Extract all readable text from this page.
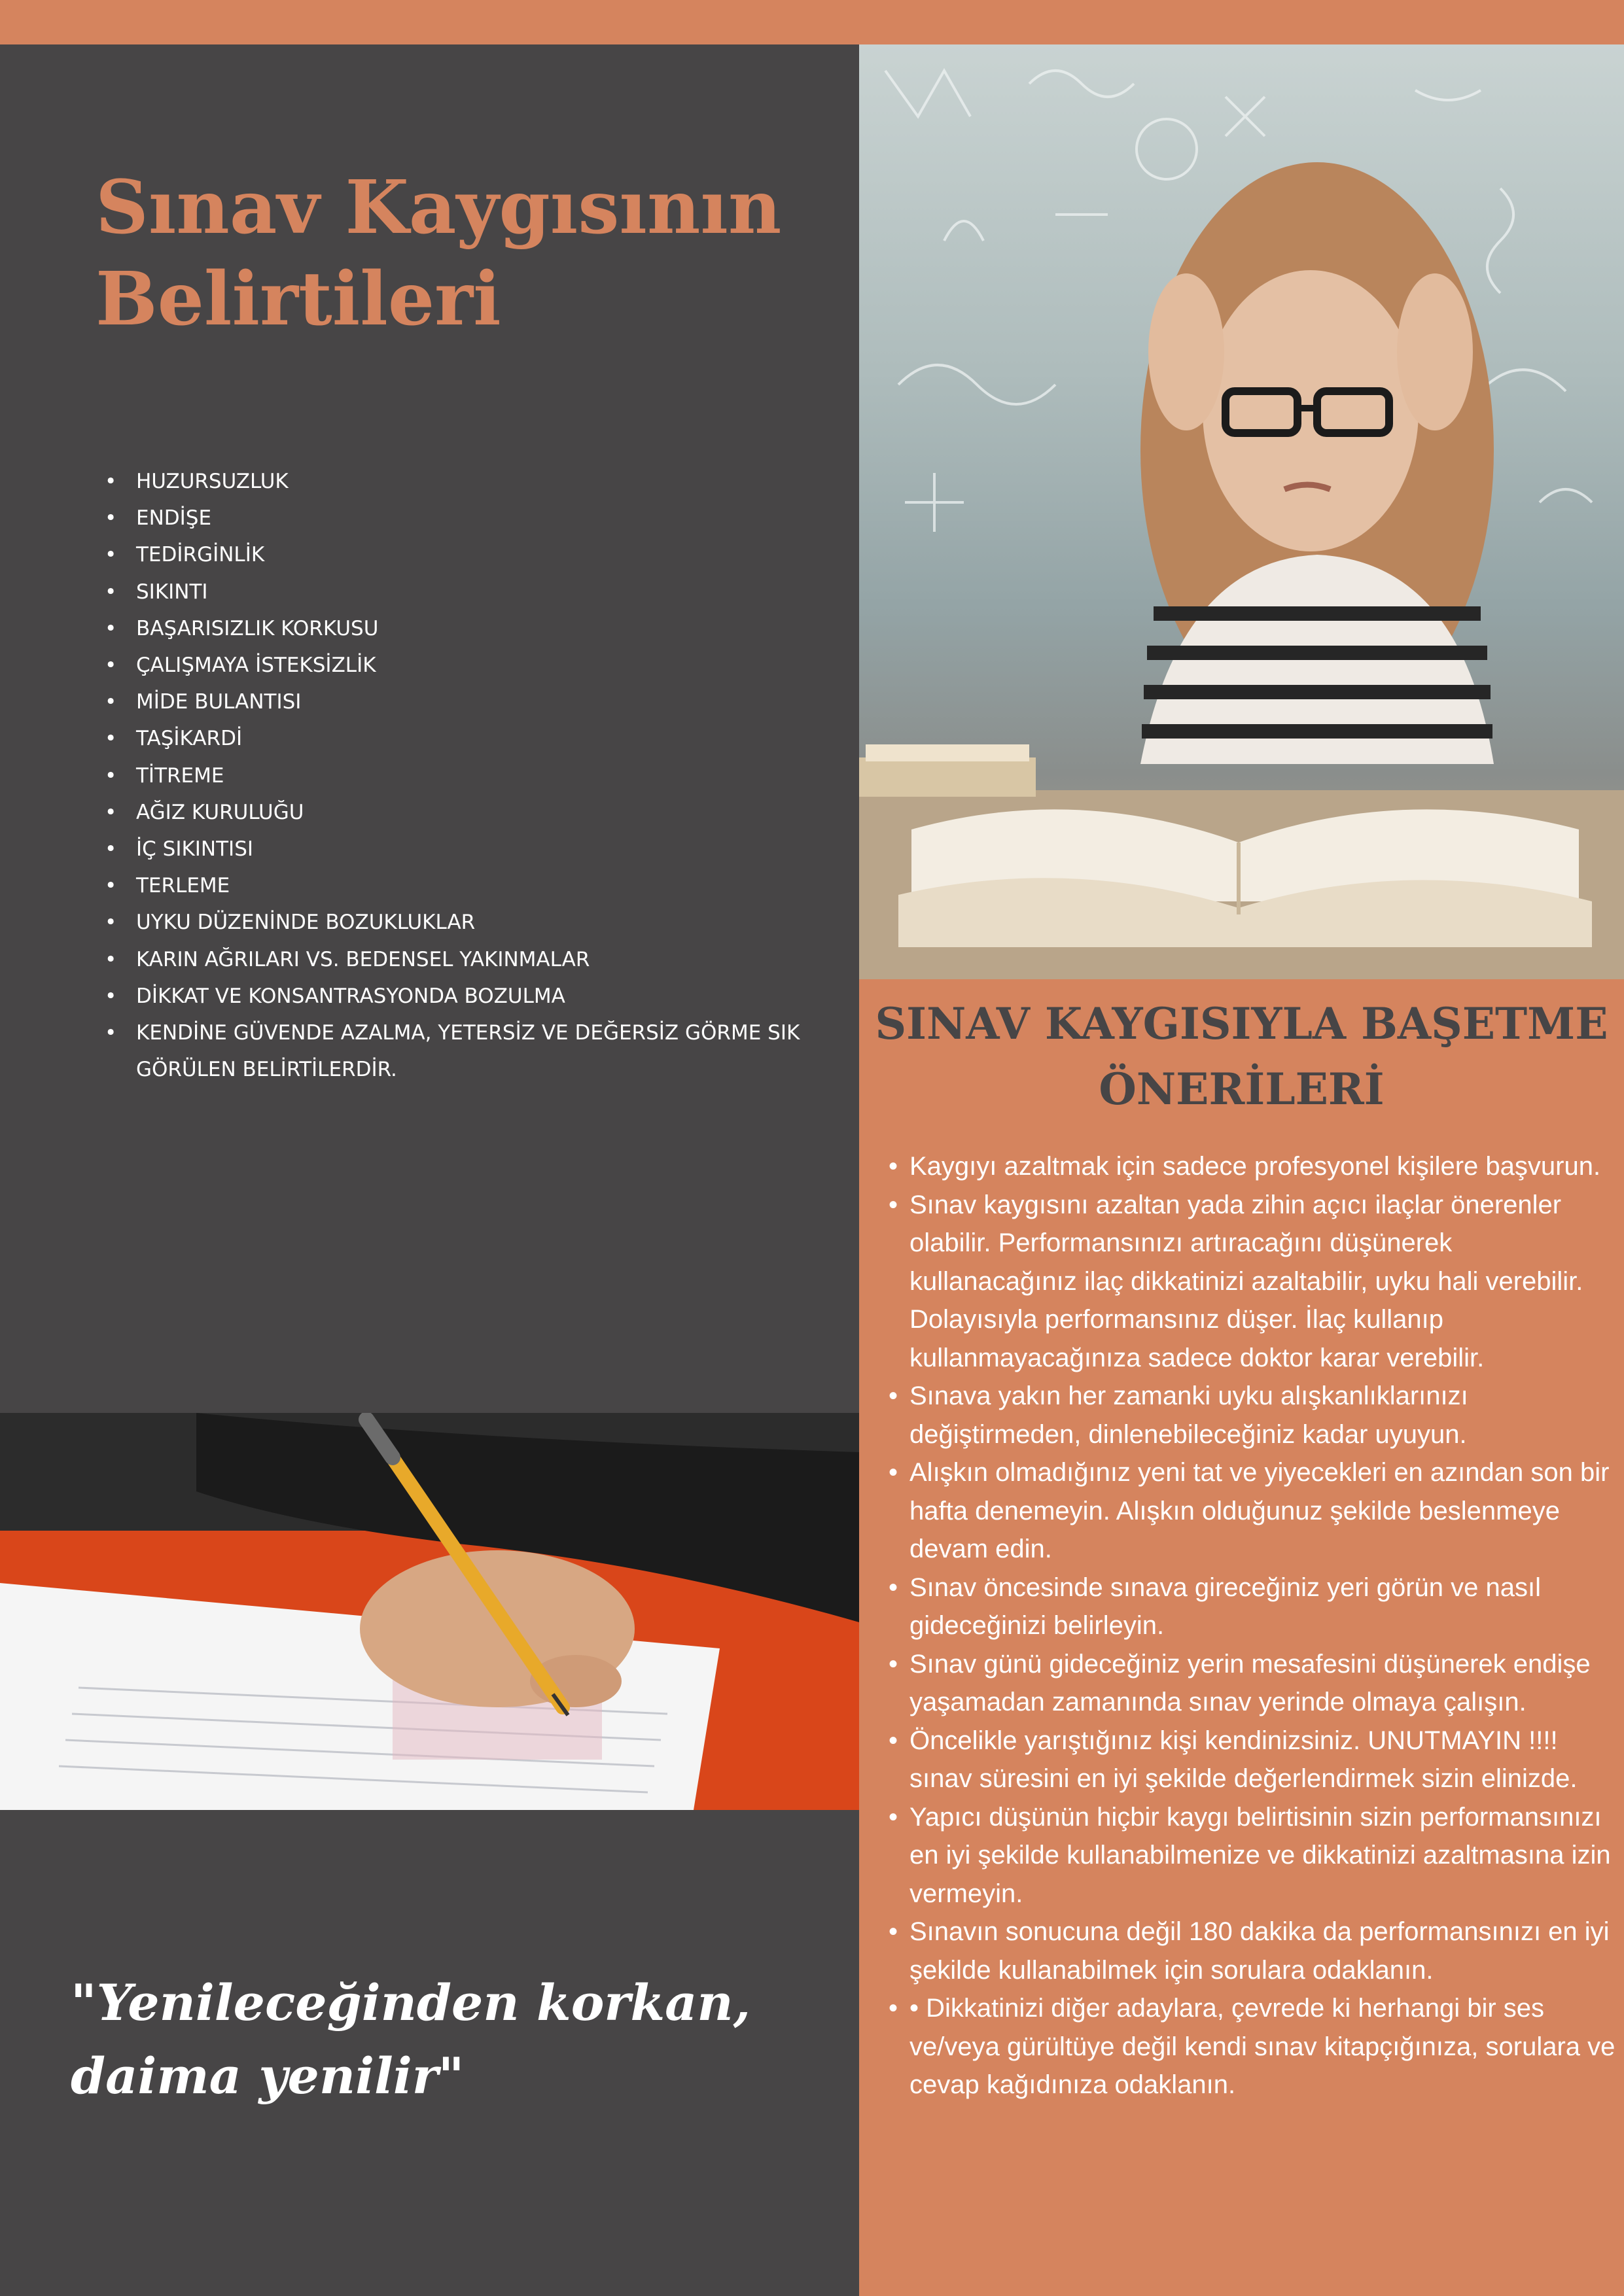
Sınav Kaygısının Belirtileri
• HUZURSUZLUK
• ENDİŞE
• TEDİRGİNLİK
• SIKINTI
• BAŞARISIZLIK KORKUSU
• ÇALIŞMAYA İSTEKSİZLİK
• MİDE BULANTISI
• TAŞİKARDİ
• TİTREME
• AĞIZ KURULUĞU
• İÇ SIKINTISI
• TERLEME
• UYKU DÜZENİNDE BOZUKLUKLAR
• KARIN AĞRILARI VS. BEDENSEL YAKINMALAR
• DİKKAT VE KONSANTRASYONDA BOZULMA
• KENDİNE GÜVENDE AZALMA, YETERSİZ VE DEĞERSİZ GÖRME SIK GÖRÜLEN BELİRTİLERDİR.
SINAV KAYGISIYLA BAŞETME ÖNERİLERİ
• Kaygıyı azaltmak için sadece profesyonel kişilere başvurun.
• Sınav kaygısını azaltan yada zihin açıcı ilaçlar önerenler olabilir. Performansınızı artıracağını düşünerek kullanacağınız ilaç dikkatinizi azaltabilir, uyku hali verebilir. Dolayısıyla performansınız düşer. İlaç kullanıp kullanmayacağınıza sadece doktor karar verebilir.
• Sınava yakın her zamanki uyku alışkanlıklarınızı değiştirmeden, dinlenebileceğiniz kadar uyuyun.
• Alışkın olmadığınız yeni tat ve yiyecekleri en azından son bir hafta denemeyin. Alışkın olduğunuz şekilde beslenmeye devam edin.
• Sınav öncesinde sınava gireceğiniz yeri görün ve nasıl gideceğinizi belirleyin.
• Sınav günü gideceğiniz yerin mesafesini düşünerek endişe yaşamadan zamanında sınav yerinde olmaya çalışın.
• Öncelikle yarıştığınız kişi kendinizsiniz. UNUTMAYIN !!!! sınav süresini en iyi şekilde değerlendirmek sizin elinizde.
• Yapıcı düşünün hiçbir kaygı belirtisinin sizin performansınızı en iyi şekilde kullanabilmenize ve dikkatinizi azaltmasına izin vermeyin.
• Sınavın sonucuna değil 180 dakika da performansınızı en iyi şekilde kullanabilmek için sorulara odaklanın.
• • Dikkatinizi diğer adaylara, çevrede ki herhangi bir ses ve/veya gürültüye değil kendi sınav kitapçığınıza, sorulara ve cevap kağıdınıza odaklanın.

"Yenileceğinden korkan, daima yenilir"
